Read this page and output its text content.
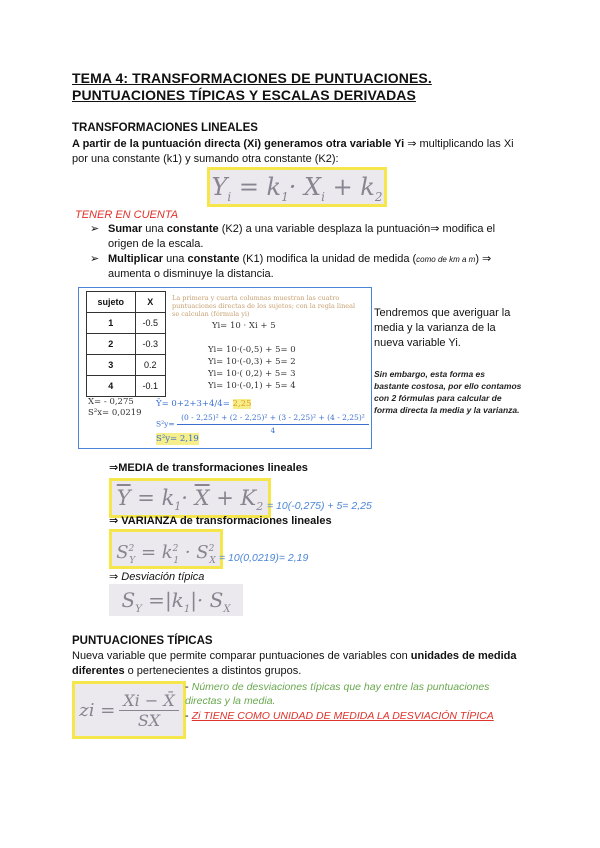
TEMA 4: TRANSFORMACIONES DE PUNTUACIONES. PUNTUACIONES TÍPICAS Y ESCALAS DERIVADAS
TRANSFORMACIONES LINEALES
A partir de la puntuación directa (Xi) generamos otra variable Yi ⇒ multiplicando las Xi por una constante (k1) y sumando otra constante (K2):
$Y_i = k_1\cdot X_i + k_2$
TENER EN CUENTA
➢ Sumar una constante (K2) a una variable desplaza la puntuación⇒ modifica el origen de la escala.
➢ Multiplicar una constante (K1) modifica la unidad de medida (como de km a m) ⇒ aumenta o disminuye la distancia.
sujeto	X
1	-0.5
2	-0.3
3	0.2
4	-0.1
La primera y cuarta columnas muestran las cuatro puntuaciones directas de los sujetos; con la regla lineal se calculan (fórmula yi)
Yi= 10 · Xi + 5
Yi= 10·(-0,5) + 5= 0
Yi= 10·(-0,3) + 5= 2
Yi= 10·( 0,2) + 5= 3
Yi= 10·(-0,1) + 5= 4
X̄= - 0,275
S²x= 0,0219
Ȳ= 0+2+3+4/4= 2,25
$S^2y= \frac{\text{(0 - 2,25)² + (2 - 2,25)² + (3 - 2,25)² + (4 - 2,25)²}}{4}$
S²y= 2,19
Tendremos que averiguar la media y la varianza de la nueva variable Yi.
Sin embargo, esta forma es bastante costosa, por ello contamos con 2 fórmulas para calcular de forma directa la media y la varianza.
⇒MEDIA de transformaciones lineales
$\overline{Y} = k_1\cdot \overline{X} + K_2 = 10(-0,275) + 5= 2,25$
⇒ VARIANZA de transformaciones lineales
$S^2_Y = k^2_1 \cdot S^2_X = 10(0,0219)= 2,19$
⇒ Desviación típica
$S_Y =|k_1|\cdot S_X$
PUNTUACIONES TÍPICAS
Nueva variable que permite comparar puntuaciones de variables con unidades de medida diferentes o pertenecientes a distintos grupos.
zi = $\frac{Xi - X̄}{SX}$
- Número de desviaciones típicas que hay entre las puntuaciones directas y la media.
- Zi TIENE COMO UNIDAD DE MEDIDA LA DESVIACIÓN TÍPICA
